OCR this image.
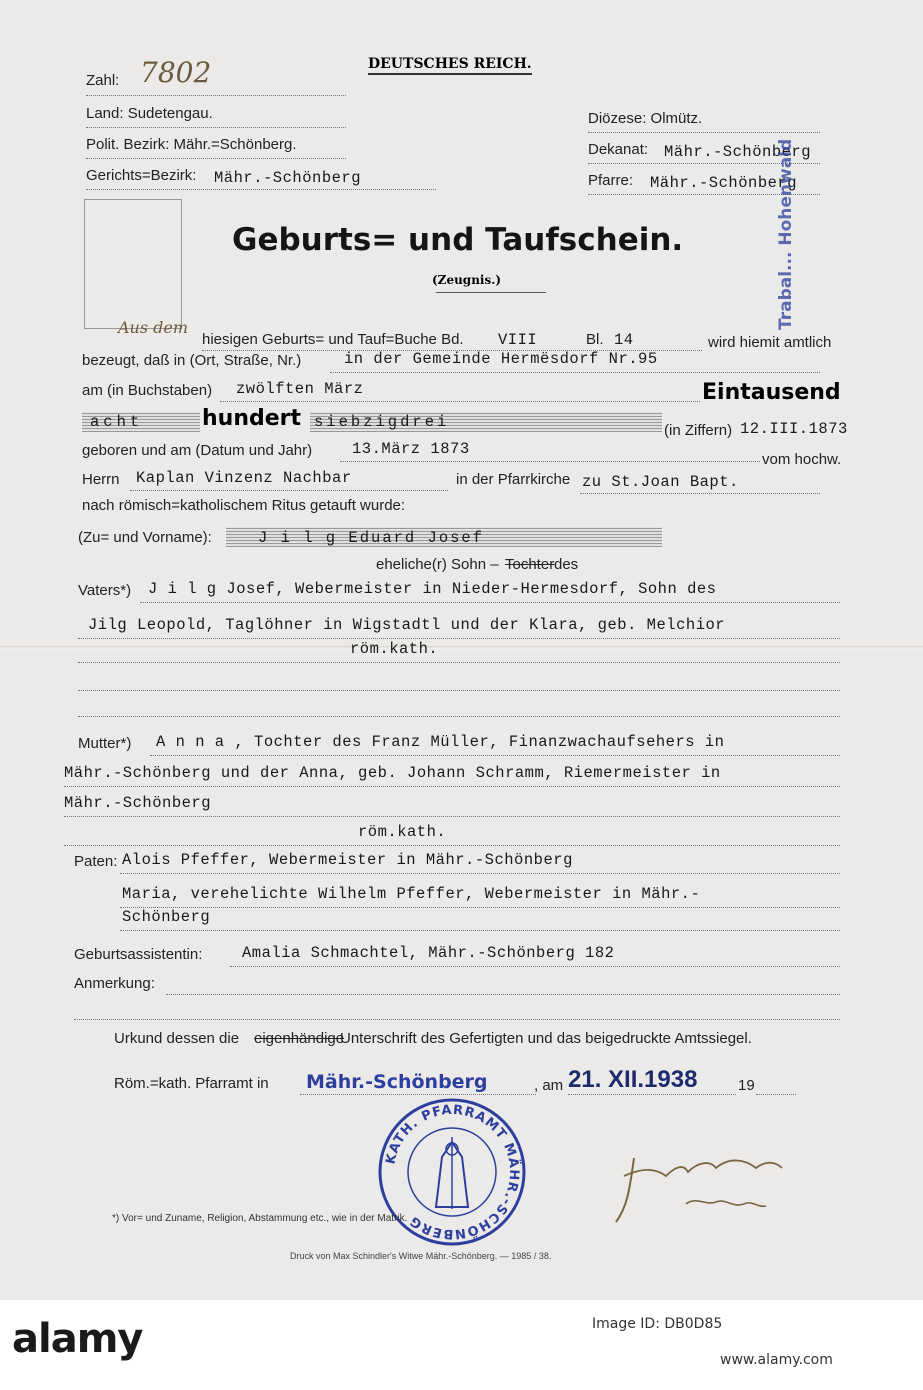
DEUTSCHES REICH.
Zahl: 7802
Land: Sudetengau.
Polit. Bezirk: Mähr.=Schönberg.
Gerichts=Bezirk: Mähr.-Schönberg
Diözese: Olmütz.
Dekanat: Mähr.-Schönberg
Pfarre: Mähr.-Schönberg
Geburts= und Taufschein.
(Zeugnis.)
Aus dem
hiesigen Geburts= und Tauf=Buche Bd. VIII	Bl. 14	wird hiemit amtlich
bezeugt, daß in (Ort, Straße, Nr.)	in der Gemeinde Hermësdorf Nr.95
am (in Buchstaben) zwölften März	Eintausend
acht	hundert siebzigdrei	(in Ziffern) 12.III.1873
geboren und am (Datum und Jahr)	13.März 1873
vom hochw.
Herrn Kaplan Vinzenz Nachbar	in der Pfarrkirche zu St.Joan Bapt.
nach römisch=katholischem Ritus getauft wurde:
(Zu= und Vorname):	J i l g Eduard Josef
eheliche(r) Sohn – Tochter des
Vaters*) J i l g Josef, Webermeister in Nieder-Hermesdorf, Sohn des
Jilg Leopold, Taglöhner in Wigstadtl und der Klara, geb. Melchior
röm.kath.
Mutter*) A n n a , Tochter des Franz Müller, Finanzwachaufsehers in
Mähr.-Schönberg und der Anna, geb. Johann Schramm, Riemermeister in
Mähr.-Schönberg
röm.kath.
Paten: Alois Pfeffer, Webermeister in Mähr.-Schönberg
Maria, verehelichte Wilhelm Pfeffer, Webermeister in Mähr.-
Schönberg
Geburtsassistentin:	Amalia Schmachtel, Mähr.-Schönberg 182
Anmerkung:
Urkund dessen die eigenhändige
Unterschrift des Gefertigten und das beigedruckte Amtssiegel.
Röm.=kath. Pfarramt in Mähr.-Schönberg	, am 21. XII.1938	19
KATH. PFARRAMT MÄHR.-SCHÖNBERG
*) Vor= und Zuname, Religion, Abstammung etc., wie in der Matrik.
Druck von Max Schindler's Witwe Mähr.-Schönberg. — 1985 / 38.
Trabal... Hohenwald
alamy	Image ID: DB0D85
www.alamy.com
